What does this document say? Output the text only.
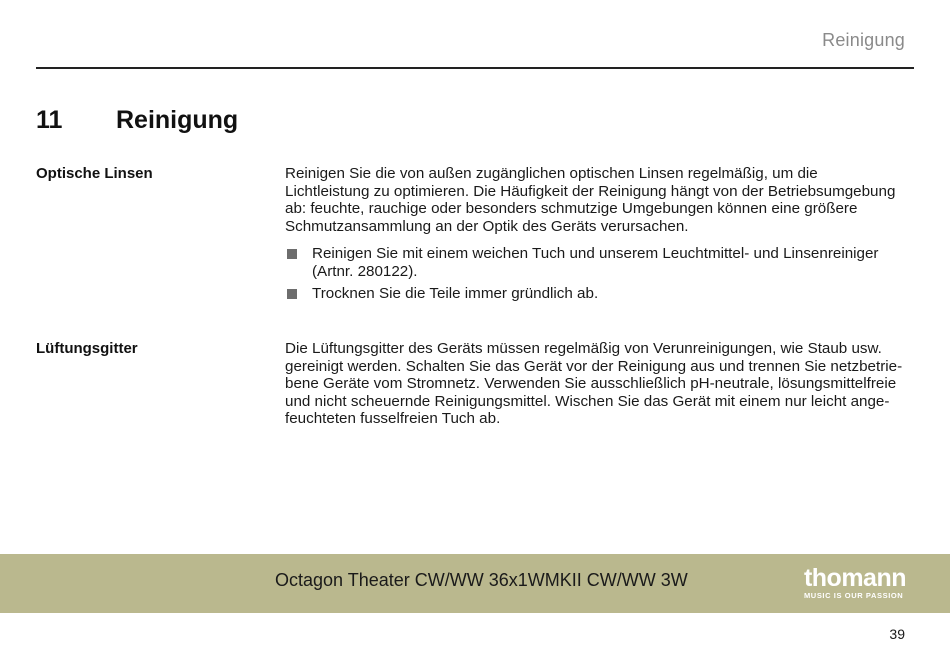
Reinigung
11 Reinigung
Optische Linsen	Reinigen Sie die von außen zugänglichen optischen Linsen regelmäßig, um die Lichtleistung zu optimieren. Die Häufigkeit der Reinigung hängt von der Betriebsumgebung ab: feuchte, rauchige oder besonders schmutzige Umgebungen können eine größere Schmutzansammlung an der Optik des Geräts verursachen.

Reinigen Sie mit einem weichen Tuch und unserem Leuchtmittel- und Linsenreiniger (Artnr. 280122).
Trocknen Sie die Teile immer gründlich ab.
Lüftungsgitter	Die Lüftungsgitter des Geräts müssen regelmäßig von Verunreinigungen, wie Staub usw. gereinigt werden. Schalten Sie das Gerät vor der Reinigung aus und trennen Sie netzbetriebene Geräte vom Stromnetz. Verwenden Sie ausschließlich pH-neutrale, lösungsmittelfreie und nicht scheuernde Reinigungsmittel. Wischen Sie das Gerät mit einem nur leicht angefeuchteten fusselfreien Tuch ab.

Octagon Theater CW/WW 36x1WMKII CW/WW 3W	thomann
MUSIC IS OUR PASSION
39
